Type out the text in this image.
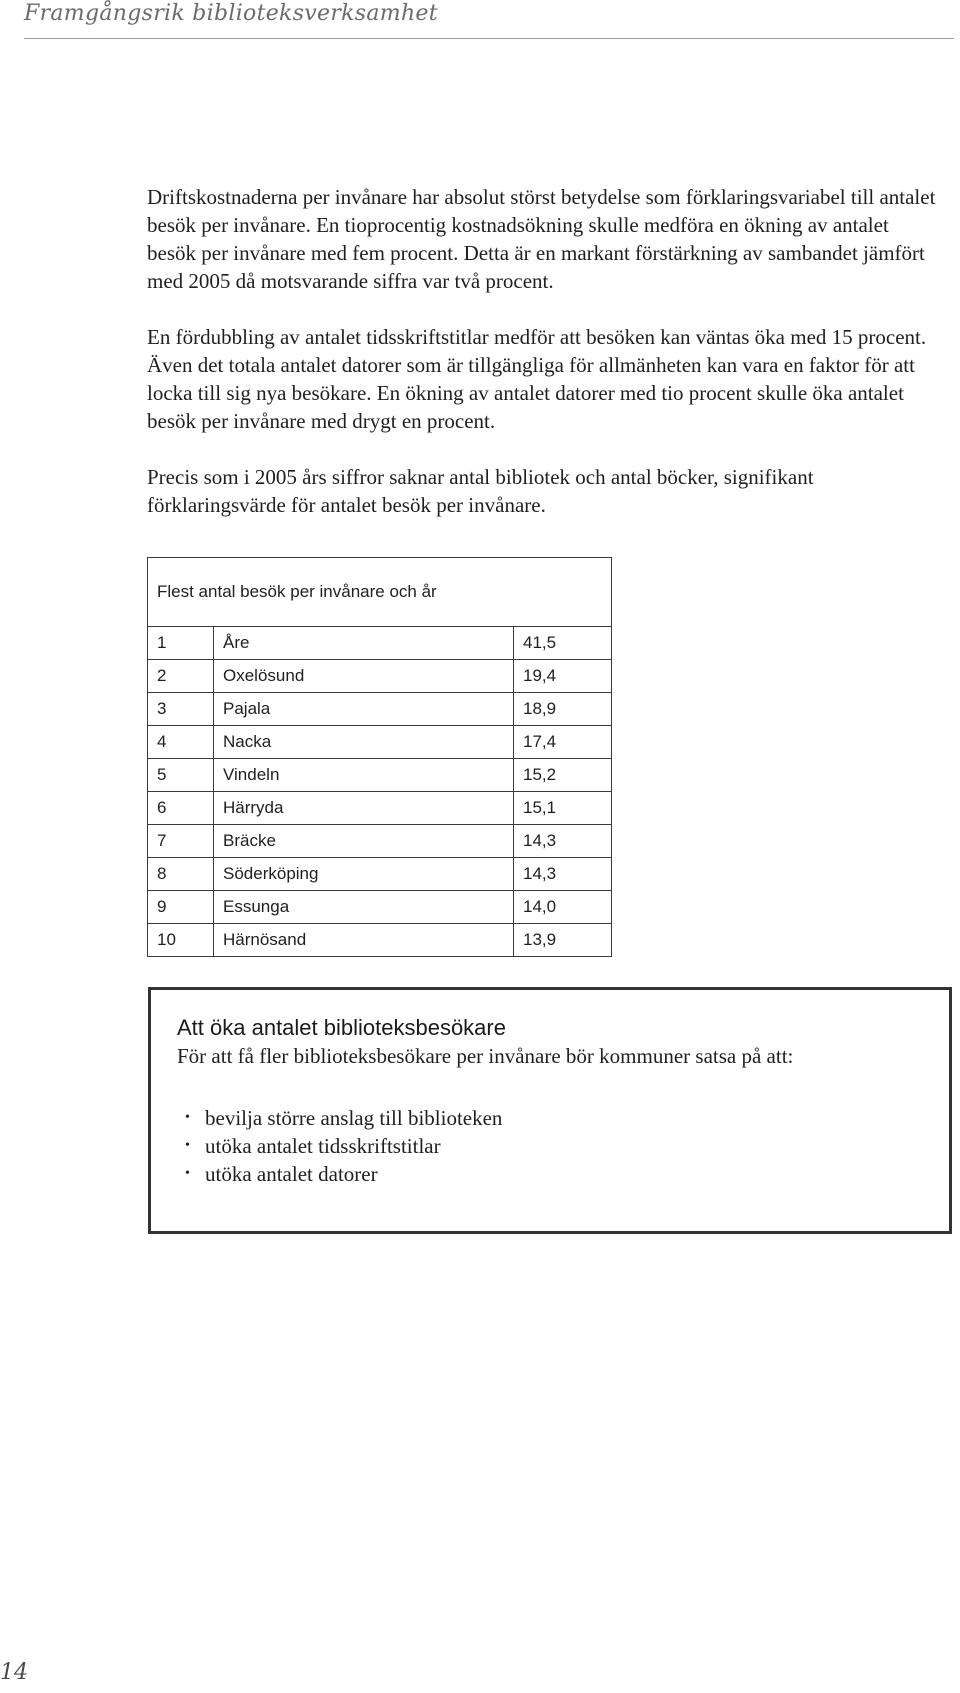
Framgångsrik biblioteksverksamhet

Driftskostnaderna per invånare har absolut störst betydelse som förklaringsvariabel till antalet besök per invånare. En tioprocentig kostnadsökning skulle medföra en ökning av antalet besök per invånare med fem procent. Detta är en markant förstärkning av sambandet jämfört med 2005 då motsvarande siffra var två procent.

En fördubbling av antalet tidsskriftstitlar medför att besöken kan väntas öka med 15 procent. Även det totala antalet datorer som är tillgängliga för allmänheten kan vara en faktor för att locka till sig nya besökare. En ökning av antalet datorer med tio procent skulle öka antalet besök per invånare med drygt en procent.

Precis som i 2005 års siffror saknar antal bibliotek och antal böcker, signifikant förklaringsvärde för antalet besök per invånare.

Flest antal besök per invånare och år		
1	Åre	41,5
2	Oxelösund	19,4
3	Pajala	18,9
4	Nacka	17,4
5	Vindeln	15,2
6	Härryda	15,1
7	Bräcke	14,3
8	Söderköping	14,3
9	Essunga	14,0
10	Härnösand	13,9

Att öka antalet biblioteksbesökare

För att få fler biblioteksbesökare per invånare bör kommuner satsa på att:

• bevilja större anslag till biblioteken
• utöka antalet tidsskriftstitlar
• utöka antalet datorer
14
